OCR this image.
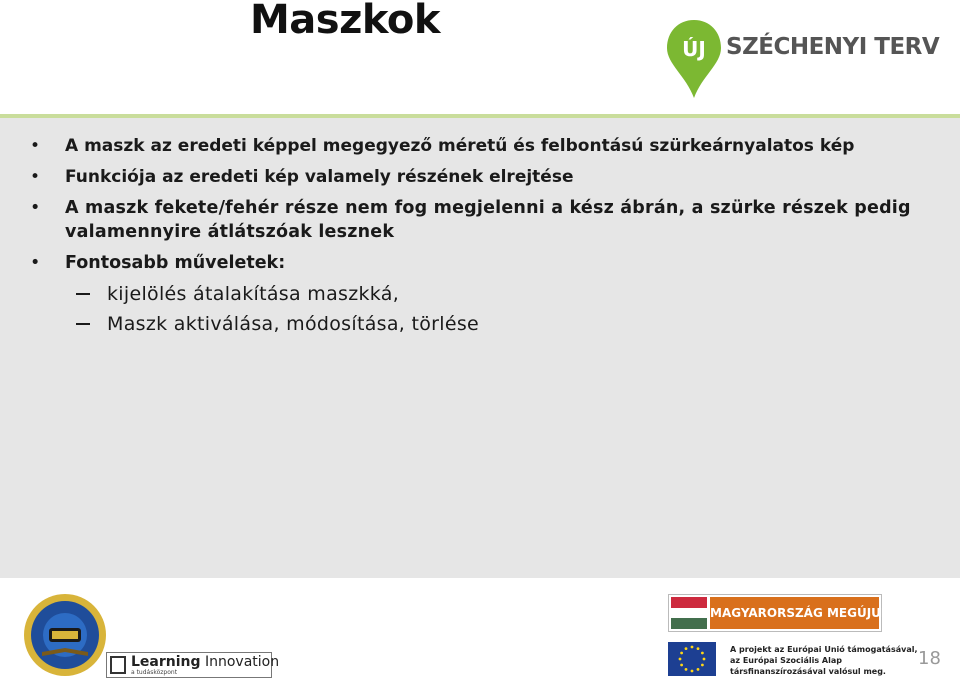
Maszkok
ÚJ SZÉCHENYI TERV
• A maszk az eredeti képpel megegyező méretű és felbontású szürkeárnyalatos kép
• Funkciója az eredeti kép valamely részének elrejtése
• A maszk fekete/fehér része nem fog megjelenni a kész ábrán, a szürke részek pedig valamennyire átlátszóak lesznek
• Fontosabb műveletek:
kijelölés átalakítása maszkká,
Maszk aktiválása, módosítása, törlése
Learning Innovation
a tudásközpont
MAGYARORSZÁG MEGÚJUL
A projekt az Európai Unió támogatásával,
az Európai Szociális Alap
társfinanszírozásával valósul meg.
18
